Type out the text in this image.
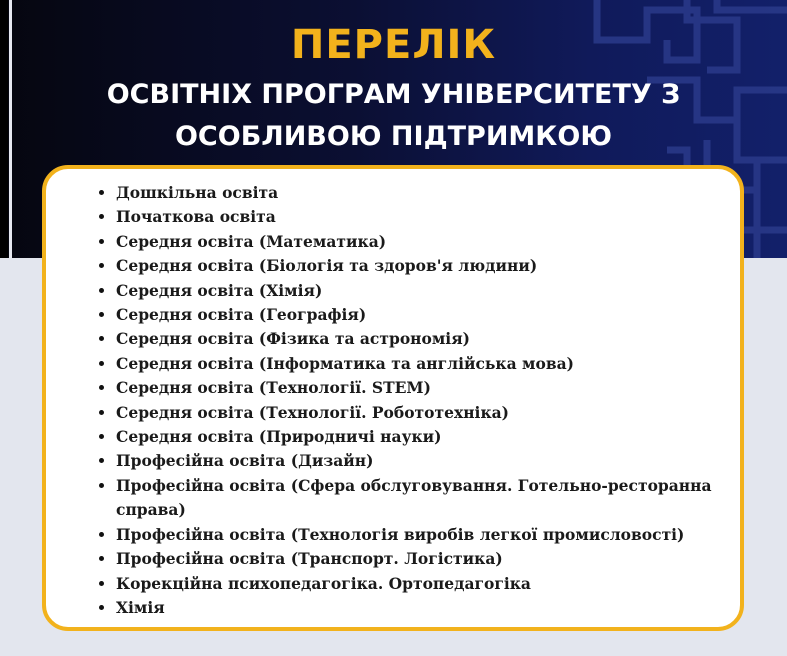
ПЕРЕЛІК
ОСВІТНІХ ПРОГРАМ УНІВЕРСИТЕТУ З ОСОБЛИВОЮ ПІДТРИМКОЮ
• Дошкільна освіта
• Початкова освіта
• Середня освіта (Математика)
• Середня освіта (Біологія та здоров'я людини)
• Середня освіта (Хімія)
• Середня освіта (Географія)
• Середня освіта (Фізика та астрономія)
• Середня освіта (Інформатика та англійська мова)
• Середня освіта (Технології. STEM)
• Середня освіта (Технології. Робототехніка)
• Середня освіта (Природничі науки)
• Професійна освіта (Дизайн)
• Професійна освіта (Сфера обслуговування. Готельно-ресторанна справа)
• Професійна освіта (Технологія виробів легкої промисловості)
• Професійна освіта (Транспорт. Логістика)
• Корекційна психопедагогіка. Ортопедагогіка
• Хімія
